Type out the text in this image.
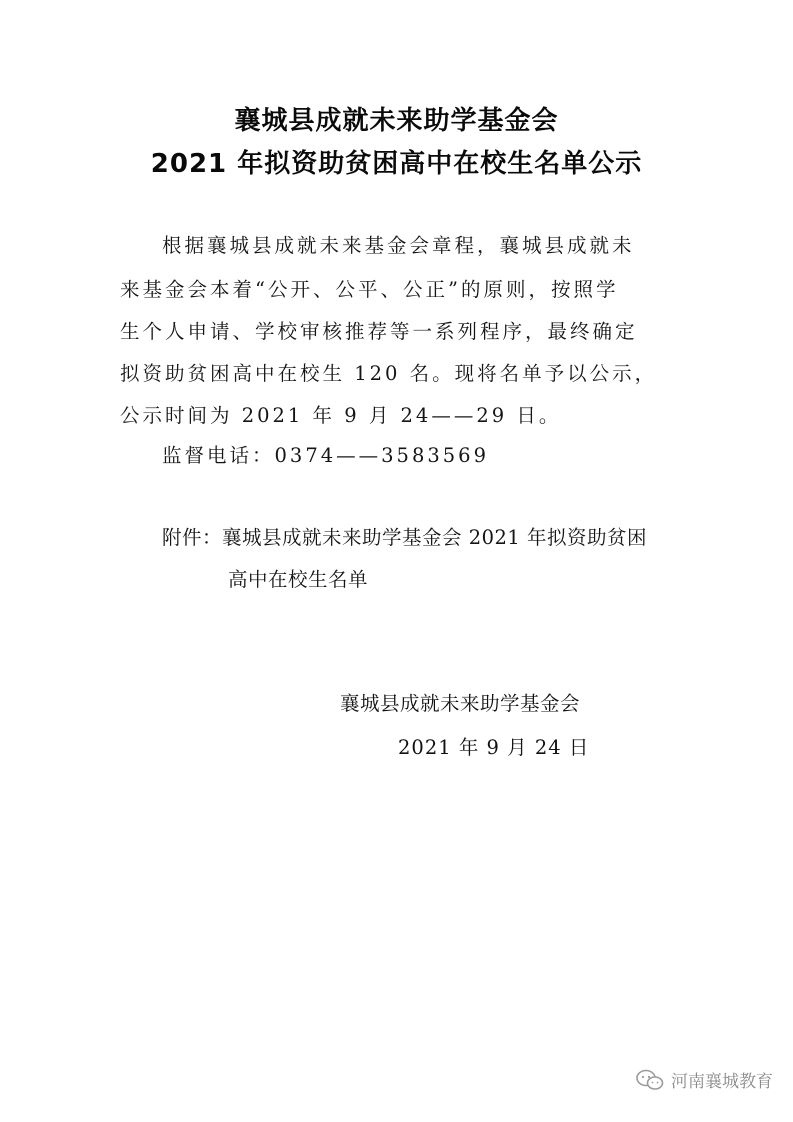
襄城县成就未来助学基金会
2021 年拟资助贫困高中在校生名单公示
根据襄城县成就未来基金会章程，襄城县成就未
来基金会本着“公开、公平、公正”的原则，按照学
生个人申请、学校审核推荐等一系列程序，最终确定
拟资助贫困高中在校生 120 名。现将名单予以公示，
公示时间为 2021 年 9 月 24——29 日。
监督电话：0374——3583569
附件：襄城县成就未来助学基金会 2021 年拟资助贫困
高中在校生名单
襄城县成就未来助学基金会
2021 年 9 月 24 日
河南襄城教育
